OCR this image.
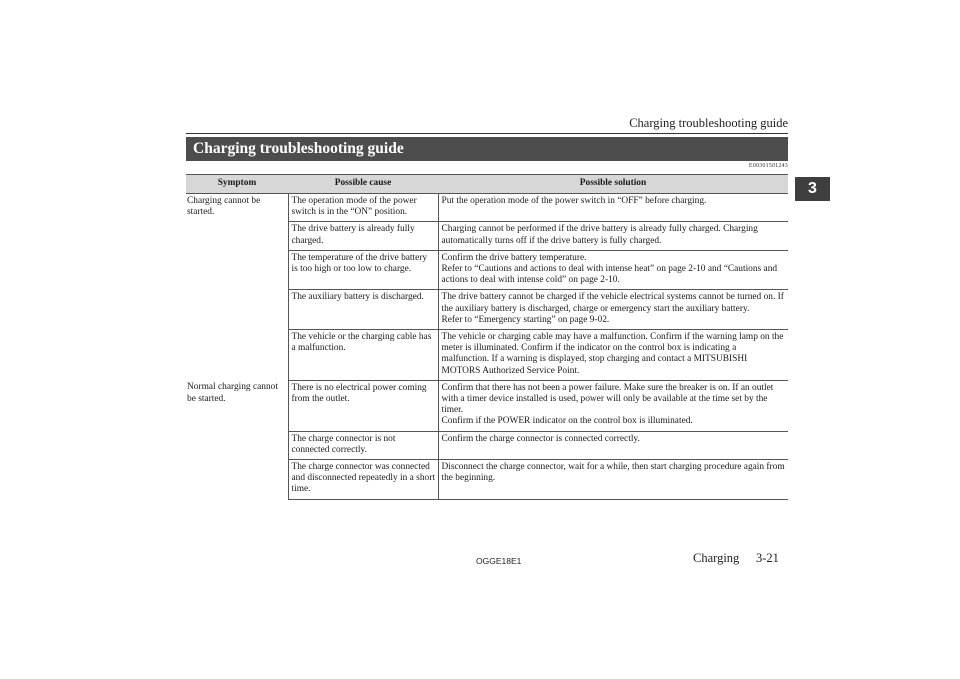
Charging troubleshooting guide
Charging troubleshooting guide
E00301501243
3
Symptom	Possible cause	Possible solution
Charging cannot be started.	The operation mode of the power switch is in the “ON” position.	Put the operation mode of the power switch in “OFF” before charging.

	The drive battery is already fully charged.	Charging cannot be performed if the drive battery is already fully charged. Charging automatically turns off if the drive battery is fully charged.

	The temperature of the drive battery is too high or too low to charge.	Confirm the drive battery temperature.
Refer to “Cautions and actions to deal with intense heat” on page 2-10 and “Cautions and actions to deal with intense cold” on page 2-10.

	The auxiliary battery is discharged.	The drive battery cannot be charged if the vehicle electrical systems cannot be turned on. If the auxiliary battery is discharged, charge or emergency start the auxiliary battery.
Refer to “Emergency starting” on page 9-02.

	The vehicle or the charging cable has a malfunction.	The vehicle or charging cable may have a malfunction. Confirm if the warning lamp on the meter is illuminated. Confirm if the indicator on the control box is indicating a malfunction. If a warning is displayed, stop charging and contact a MITSUBISHI MOTORS Authorized Service Point.

Normal charging cannot be started.	There is no electrical power coming from the outlet.	Confirm that there has not been a power failure. Make sure the breaker is on. If an outlet with a timer device installed is used, power will only be available at the time set by the timer.
Confirm if the POWER indicator on the control box is illuminated.

	The charge connector is not connected correctly.	Confirm the charge connector is connected correctly.

	The charge connector was connected and disconnected repeatedly in a short time.	Disconnect the charge connector, wait for a while, then start charging procedure again from the beginning.
OGGE18E1	Charging 3-21
